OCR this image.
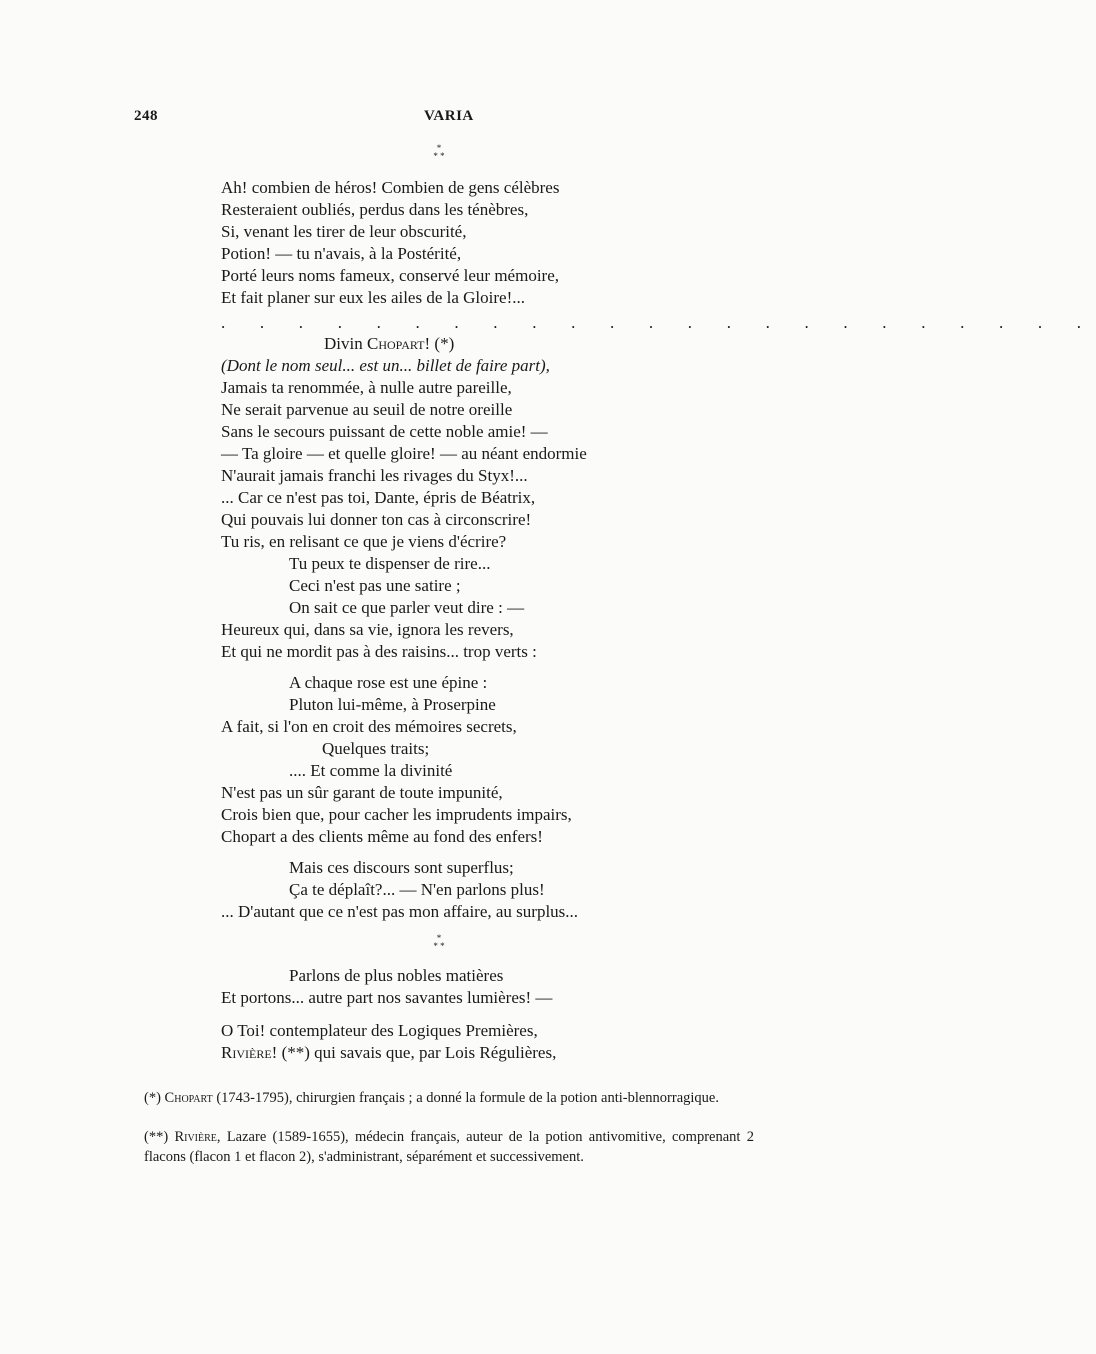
248	VARIA
*
* *
Ah! combien de héros! Combien de gens célèbres
Resteraient oubliés, perdus dans les ténèbres,
Si, venant les tirer de leur obscurité,
Potion! — tu n'avais, à la Postérité,
Porté leurs noms fameux, conservé leur mémoire,
Et fait planer sur eux les ailes de la Gloire!...
. . . . . . . . . . . . . . . . . . . . . . .
Divin Chopart! (*)
(Dont le nom seul... est un... billet de faire part),
Jamais ta renommée, à nulle autre pareille,
Ne serait parvenue au seuil de notre oreille
Sans le secours puissant de cette noble amie! —
— Ta gloire — et quelle gloire! — au néant endormie
N'aurait jamais franchi les rivages du Styx!...
... Car ce n'est pas toi, Dante, épris de Béatrix,
Qui pouvais lui donner ton cas à circonscrire!
Tu ris, en relisant ce que je viens d'écrire?
Tu peux te dispenser de rire...
Ceci n'est pas une satire ;
On sait ce que parler veut dire : —
Heureux qui, dans sa vie, ignora les revers,
Et qui ne mordit pas à des raisins... trop verts :
A chaque rose est une épine :
Pluton lui-même, à Proserpine
A fait, si l'on en croit des mémoires secrets,
Quelques traits;
.... Et comme la divinité
N'est pas un sûr garant de toute impunité,
Crois bien que, pour cacher les imprudents impairs,
Chopart a des clients même au fond des enfers!
Mais ces discours sont superflus;
Ça te déplaît?... — N'en parlons plus!
... D'autant que ce n'est pas mon affaire, au surplus...
*
* *
Parlons de plus nobles matières
Et portons... autre part nos savantes lumières! —
O Toi! contemplateur des Logiques Premières,
Rivière! (**) qui savais que, par Lois Régulières,
(*) Chopart (1743-1795), chirurgien français ; a donné la formule de la potion anti-blennorragique.
(**) Rivière, Lazare (1589-1655), médecin français, auteur de la potion antivomitive, comprenant 2 flacons (flacon 1 et flacon 2), s'administrant, séparément et successivement.
